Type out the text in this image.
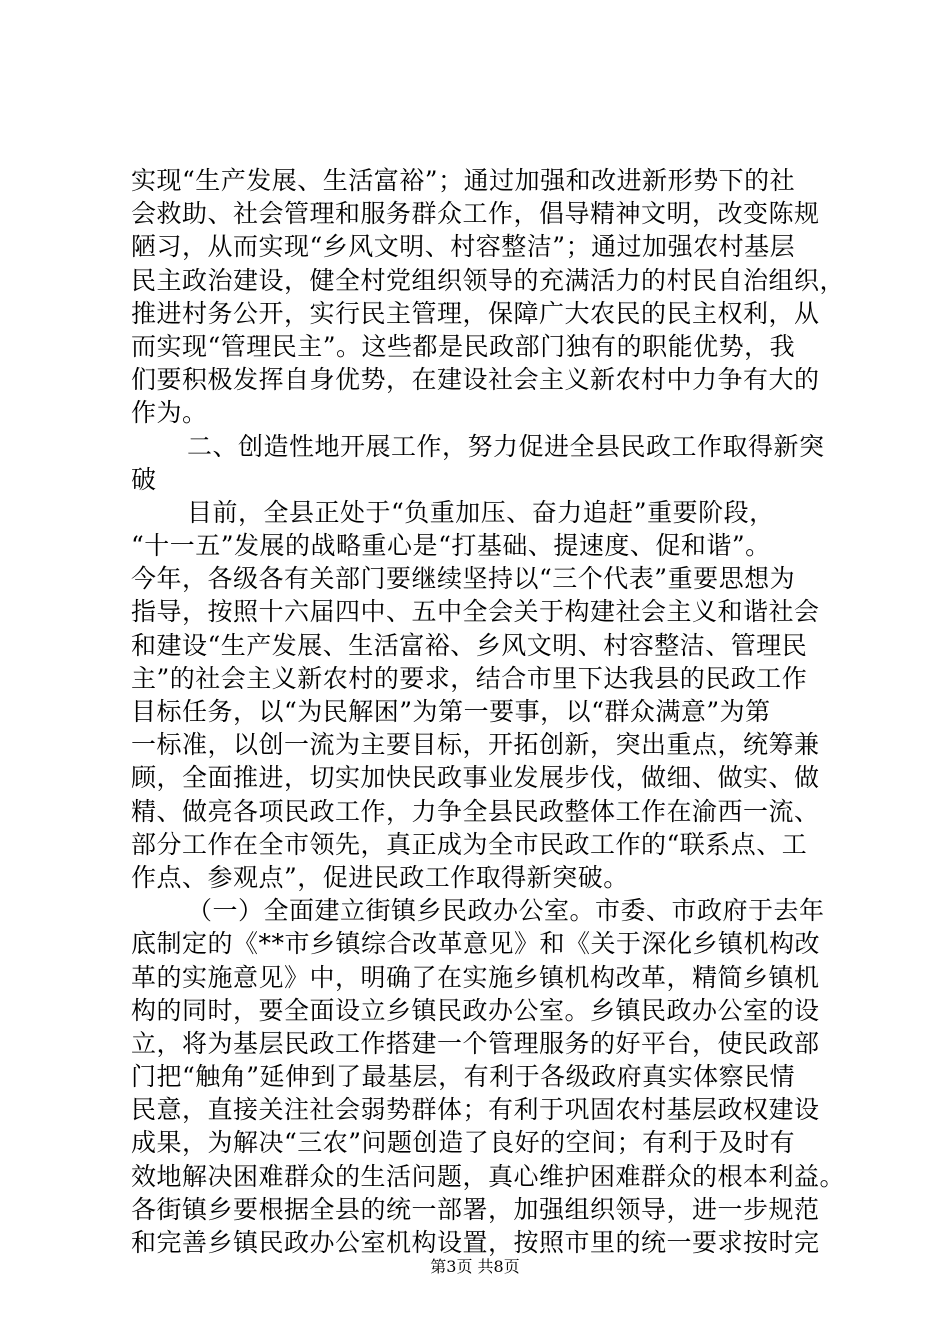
实现“生产发展、生活富裕”；通过加强和改进新形势下的社
会救助、社会管理和服务群众工作，倡导精神文明，改变陈规
陋习，从而实现“乡风文明、村容整洁”；通过加强农村基层
民主政治建设，健全村党组织领导的充满活力的村民自治组织，
推进村务公开，实行民主管理，保障广大农民的民主权利，从
而实现“管理民主”。这些都是民政部门独有的职能优势，我
们要积极发挥自身优势，在建设社会主义新农村中力争有大的
作为。
二、创造性地开展工作，努力促进全县民政工作取得新突
破
目前，全县正处于“负重加压、奋力追赶”重要阶段，
“十一五”发展的战略重心是“打基础、提速度、促和谐”。
今年，各级各有关部门要继续坚持以“三个代表”重要思想为
指导，按照十六届四中、五中全会关于构建社会主义和谐社会
和建设“生产发展、生活富裕、乡风文明、村容整洁、管理民
主”的社会主义新农村的要求，结合市里下达我县的民政工作
目标任务，以“为民解困”为第一要事，以“群众满意”为第
一标准，以创一流为主要目标，开拓创新，突出重点，统筹兼
顾，全面推进，切实加快民政事业发展步伐，做细、做实、做
精、做亮各项民政工作，力争全县民政整体工作在渝西一流、
部分工作在全市领先，真正成为全市民政工作的“联系点、工
作点、参观点”，促进民政工作取得新突破。
（一）全面建立街镇乡民政办公室。市委、市政府于去年
底制定的《**市乡镇综合改革意见》和《关于深化乡镇机构改
革的实施意见》中，明确了在实施乡镇机构改革，精简乡镇机
构的同时，要全面设立乡镇民政办公室。乡镇民政办公室的设
立，将为基层民政工作搭建一个管理服务的好平台，使民政部
门把“触角”延伸到了最基层，有利于各级政府真实体察民情
民意，直接关注社会弱势群体；有利于巩固农村基层政权建设
成果，为解决“三农”问题创造了良好的空间；有利于及时有
效地解决困难群众的生活问题，真心维护困难群众的根本利益。
各街镇乡要根据全县的统一部署，加强组织领导，进一步规范
和完善乡镇民政办公室机构设置，按照市里的统一要求按时完
第3页 共8页
